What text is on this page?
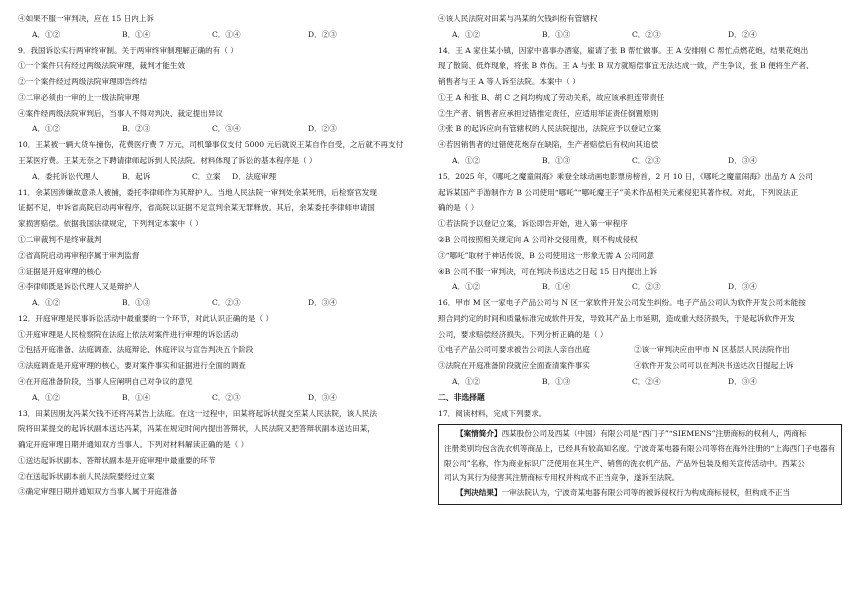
④如果不服一审判决，应在 15 日内上诉
A．①②	B．①④	C．①④	D．②③
9．我国诉讼实行两审终审制。关于两审终审制理解正确的有（ ）
①一个案件只有经过两级法院审理，裁判才能生效
②一个案件经过两级法院审理即告终结
③二审必须由一审的上一级法院审理
④案件经两级法院审判后，当事人不得对判决、裁定提出异议
A．①②	B．②③	C．③④	D．②③
10．王某被一辆大货车撞伤，花费医疗费 7 万元，司机肇事仅支付 5000 元后就说王某自作自受，之后就不再支付
王某医疗费。王某无奈之下聘请律师起诉到人民法院。材料体现了诉讼的基本程序是（ ）
A．委托诉讼代理人	B．起诉	C．立案	D．法庭审理
11．余某因涉嫌故意杀人被捕，委托李律师作为其辩护人。当地人民法院一审判处余某死刑，后检察官发现
证据不足，申诉省高院启动再审程序，省高院以证据不足宣判余某无罪释放。其后，余某委托李律师申请国
家损害赔偿。依据我国法律规定，下列判定本案中（ ）
①二审裁判不是终审裁判
②省高院启动再审程序属于审判监督
③证据是开庭审理的核心
④李律师既是诉讼代理人又是辩护人
A．①②	B．①③	C．②③	D．③④
12．开庭审理是民事诉讼活动中最重要的一个环节，对此认识正确的是（ ）
①开庭审理是人民检察院在法庭上依法对案件进行审理的诉讼活动
②包括开庭准备、法庭调查、法庭辩论、休庭评议与宣告判决五个阶段
③法庭调查是开庭审理的核心，要对案件事实和证据进行全面的调查
④在开庭准备阶段，当事人应阐明自己对争议的意见
A．①②	B．①④	C．②③	D．③④
13．田某因朋友冯某欠钱不还将冯某告上法庭。在这一过程中，田某将起诉状提交至某人民法院，该人民法
院将田某提交的起诉状副本送达冯某，冯某在规定时间内提出答辩状，人民法院又把答辩状副本送达田某，
确定开庭审理日期并通知双方当事人。下列对材料解读正确的是（ ）
①送达起诉状副本、答辩状副本是开庭审理中最重要的环节
②在送起诉状副本前人民法院要经过立案
③确定审理日期并通知双方当事人属于开庭准备
④该人民法院对田某与冯某的欠钱纠纷有管辖权
A．①②	B．①③	C．②③	D．②④
14．王 A 家住某小镇，因家中喜事办酒宴，雇请了张 B 帮忙做事。王 A 安排刚 C 帮忙点燃花炮，结果花炮出
现了散筒、低炸现象，将张 B 炸伤。王 A 与张 B 双方就赔偿事宜无法达成一致，产生争议，张 B 便将生产者、
销售者与王 A 等人诉至法院。本案中（ ）
①王 A 和张 B、胡 C 之间均构成了劳动关系，故应该承担连带责任
②生产者、销售者应承担过错推定责任，应适用举证责任倒置原则
③张 B 的起诉应向有管辖权的人民法院提出，法院应予以登记立案
④若因销售者的过错使花炮存在缺陷，生产者赔偿后有权向其追偿
A．①②	B．①③	C．②③	D．③④
15．2025 年，《哪吒之魔童闹海》乘登全球动画电影票房榜首，2 月 10 日，《哪吒之魔童闹海》出品方 A 公司
起诉某国产手游制作方 B 公司使用“哪吒”“哪吒魔王子”美术作品相关元素侵犯其著作权。对此，下列说法正
确的是（ ）
①若法院予以登记立案，诉讼即告开始，进入第一审程序
②B 公司按照相关规定向 A 公司补交侵用费，则不构成侵权
③“哪吒”取材于神话传说，B 公司使用这一形象无需 A 公司同意
④B 公司不服一审判决，可在判决书送达之日起 15 日内提出上诉
A．①②	B．①④	C．②③	D．③④
16．甲市 M 区一家电子产品公司与 N 区一家软件开发公司发生纠纷。电子产品公司认为软件开发公司未能按
照合同约定的时间和质量标准完成软件开发，导致其产品上市延期，造成重大经济损失，于是起诉软件开发
公司，要求赔偿经济损失。下列分析正确的是（ ）
①电子产品公司可要求被告公司法人亲自出庭	②该一审判决应由甲市 N 区基层人民法院作出
③法院在开庭准备阶段就应全面查清案件事实	④软件开发公司可以在判决书送达次日提起上诉
A．①②	B．①③	C．②④	D．③④
二、非选择题
17．阅读材料，完成下列要求。
【案情简介】西某股份公司及西某（中国）有限公司是“西门子”“SIEMENS”注册商标的权利人，两商标
注册类别均包含洗衣机等商品上，已经具有较高知名度。宁波奇某电器有限公司等将在海外注册的“上海西门子电器有
限公司”名称，作为商业标识广泛使用在其生产、销售的洗衣机产品、产品外包装及相关宣传活动中。西某公
司认为其行为侵害其注册商标专用权并构成不正当竞争，遂诉至法院。
【判决结果】一审法院认为，宁波奇某电器有限公司等的被诉侵权行为构成商标侵权，但构成不正当
